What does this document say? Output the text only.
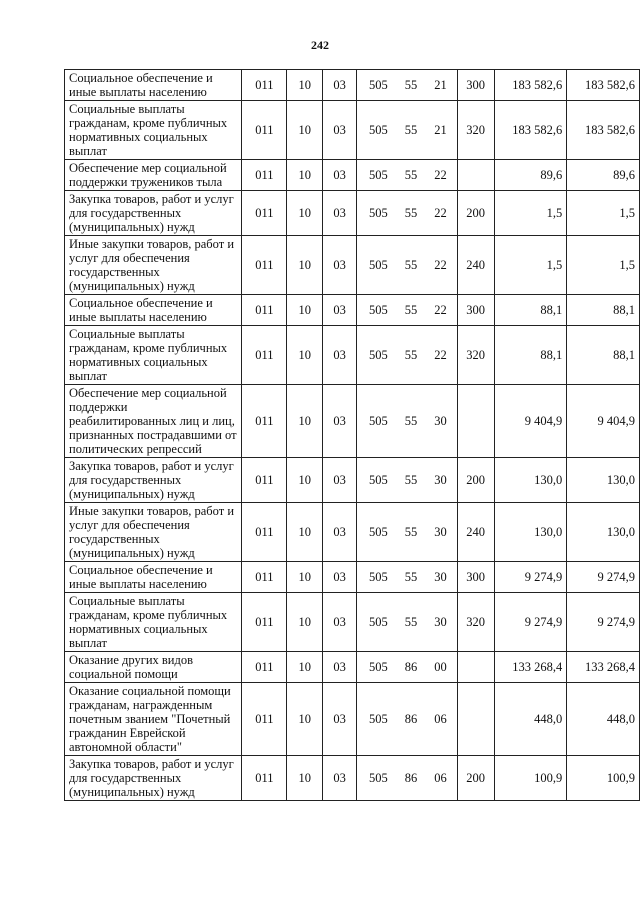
242
Социальное обеспечение и иные выплаты населению	011	10	03	505 55 21	300	183 582,6	183 582,6
Социальные выплаты гражданам, кроме публичных нормативных социальных выплат	011	10	03	505 55 21	320	183 582,6	183 582,6
Обеспечение мер социальной поддержки тружеников тыла	011	10	03	505 55 22		89,6	89,6
Закупка товаров, работ и услуг для государственных (муниципальных) нужд	011	10	03	505 55 22	200	1,5	1,5
Иные закупки товаров, работ и услуг для обеспечения государственных (муниципальных) нужд	011	10	03	505 55 22	240	1,5	1,5
Социальное обеспечение и иные выплаты населению	011	10	03	505 55 22	300	88,1	88,1
Социальные выплаты гражданам, кроме публичных нормативных социальных выплат	011	10	03	505 55 22	320	88,1	88,1
Обеспечение мер социальной поддержки реабилитированных лиц и лиц, признанных пострадавшими от политических репрессий	011	10	03	505 55 30		9 404,9	9 404,9
Закупка товаров, работ и услуг для государственных (муниципальных) нужд	011	10	03	505 55 30	200	130,0	130,0
Иные закупки товаров, работ и услуг для обеспечения государственных (муниципальных) нужд	011	10	03	505 55 30	240	130,0	130,0
Социальное обеспечение и иные выплаты населению	011	10	03	505 55 30	300	9 274,9	9 274,9
Социальные выплаты гражданам, кроме публичных нормативных социальных выплат	011	10	03	505 55 30	320	9 274,9	9 274,9
Оказание других видов социальной помощи	011	10	03	505 86 00		133 268,4	133 268,4
Оказание социальной помощи гражданам, награжденным почетным званием "Почетный гражданин Еврейской автономной области"	011	10	03	505 86 06		448,0	448,0
Закупка товаров, работ и услуг для государственных (муниципальных) нужд	011	10	03	505 86 06	200	100,9	100,9
